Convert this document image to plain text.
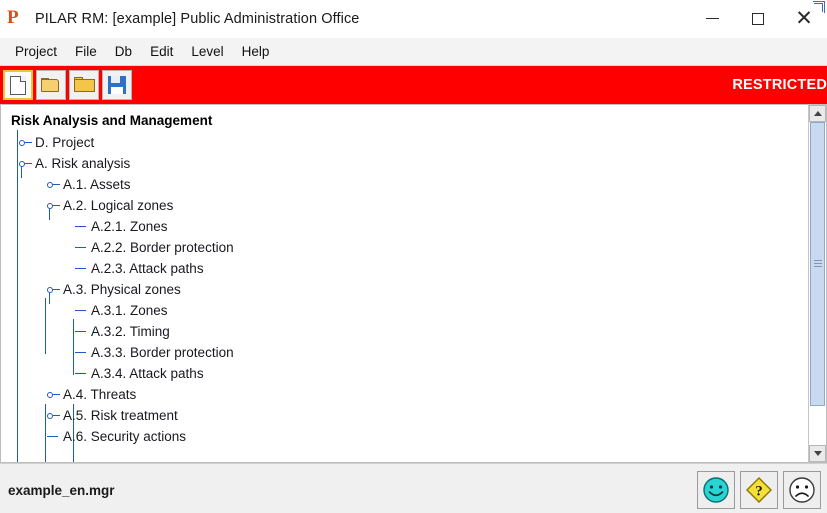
P PILAR RM: [example] Public Administration Office	✕
Project	File	Db	Edit	Level	Help
RESTRICTED
Risk Analysis and Management
D. Project
A. Risk analysis
A.1. Assets
A.2. Logical zones
A.2.1. Zones
A.2.2. Border protection
A.2.3. Attack paths
A.3. Physical zones
A.3.1. Zones
A.3.2. Timing
A.3.3. Border protection
A.3.4. Attack paths
A.4. Threats
A.5. Risk treatment
A.6. Security actions
example_en.mgr	?
